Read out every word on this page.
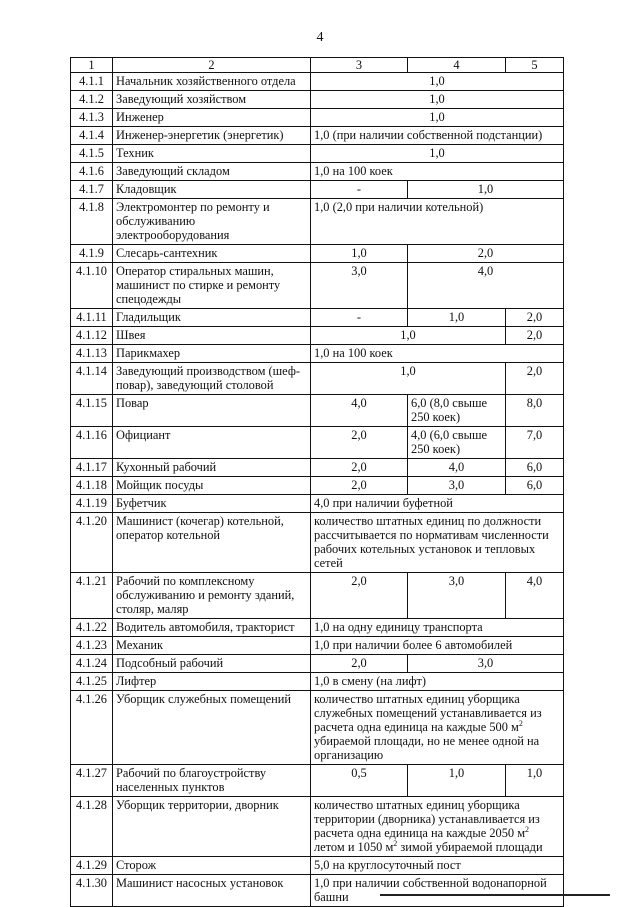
4
1	2	3	4	5
4.1.1	Начальник хозяйственного отдела	1,0		
4.1.2	Заведующий хозяйством	1,0		
4.1.3	Инженер	1,0		
4.1.4	Инженер-энергетик (энергетик)	1,0 (при наличии собственной подстанции)		
4.1.5	Техник	1,0		
4.1.6	Заведующий складом	1,0 на 100 коек		
4.1.7	Кладовщик	-	1,0	
4.1.8	Электромонтер по ремонту и обслуживанию электрооборудования	1,0 (2,0 при наличии котельной)		
4.1.9	Слесарь-сантехник	1,0	2,0	
4.1.10	Оператор стиральных машин, машинист по стирке и ремонту спецодежды	3,0	4,0	
4.1.11	Гладильщик	-	1,0	2,0
4.1.12	Швея	1,0		2,0
4.1.13	Парикмахер	1,0 на 100 коек		
4.1.14	Заведующий производством (шеф-повар), заведующий столовой	1,0		2,0
4.1.15	Повар	4,0	6,0 (8,0 свыше 250 коек)	8,0
4.1.16	Официант	2,0	4,0 (6,0 свыше 250 коек)	7,0
4.1.17	Кухонный рабочий	2,0	4,0	6,0
4.1.18	Мойщик посуды	2,0	3,0	6,0
4.1.19	Буфетчик	4,0 при наличии буфетной		
4.1.20	Машинист (кочегар) котельной, оператор котельной	количество штатных единиц по должности рассчитывается по нормативам численности рабочих котельных установок и тепловых сетей		
4.1.21	Рабочий по комплексному обслуживанию и ремонту зданий, столяр, маляр	2,0	3,0	4,0
4.1.22	Водитель автомобиля, тракторист	1,0 на одну единицу транспорта		
4.1.23	Механик	1,0 при наличии более 6 автомобилей		
4.1.24	Подсобный рабочий	2,0	3,0	
4.1.25	Лифтер	1,0 в смену (на лифт)		
4.1.26	Уборщик служебных помещений	количество штатных единиц уборщика служебных помещений устанавливается из расчета одна единица на каждые 500 $м^2$ убираемой площади, но не менее одной на организацию		
4.1.27	Рабочий по благоустройству населенных пунктов	0,5	1,0	1,0
4.1.28	Уборщик территории, дворник	количество штатных единиц уборщика территории (дворника) устанавливается из расчета одна единица на каждые 2050 $м^2$ летом и 1050 $м^2$ зимой убираемой площади		
4.1.29	Сторож	5,0 на круглосуточный пост		
4.1.30	Машинист насосных установок	1,0 при наличии собственной водонапорной башни		
